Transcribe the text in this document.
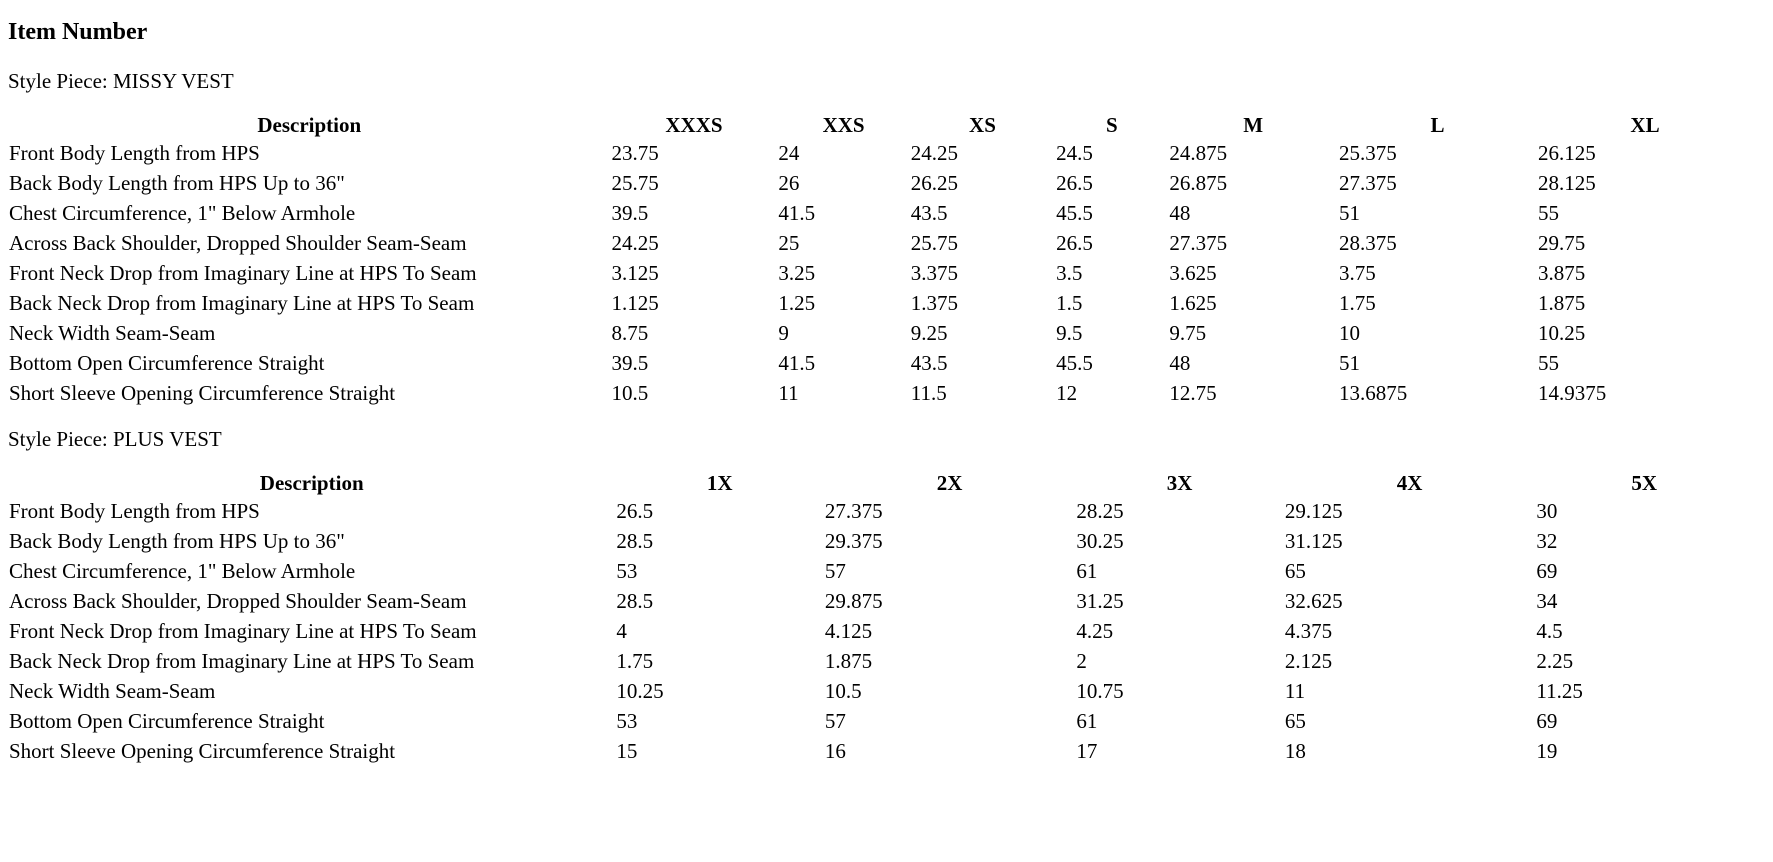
Item Number
Style Piece: MISSY VEST
Description	XXXS	XXS	XS	S	M	L	XL
Front Body Length from HPS	23.75	24	24.25	24.5	24.875	25.375	26.125
Back Body Length from HPS Up to 36"	25.75	26	26.25	26.5	26.875	27.375	28.125
Chest Circumference, 1" Below Armhole	39.5	41.5	43.5	45.5	48	51	55
Across Back Shoulder, Dropped Shoulder Seam-Seam	24.25	25	25.75	26.5	27.375	28.375	29.75
Front Neck Drop from Imaginary Line at HPS To Seam	3.125	3.25	3.375	3.5	3.625	3.75	3.875
Back Neck Drop from Imaginary Line at HPS To Seam	1.125	1.25	1.375	1.5	1.625	1.75	1.875
Neck Width Seam-Seam	8.75	9	9.25	9.5	9.75	10	10.25
Bottom Open Circumference Straight	39.5	41.5	43.5	45.5	48	51	55
Short Sleeve Opening Circumference Straight	10.5	11	11.5	12	12.75	13.6875	14.9375
Style Piece: PLUS VEST
Description	1X	2X	3X	4X	5X
Front Body Length from HPS	26.5	27.375	28.25	29.125	30
Back Body Length from HPS Up to 36"	28.5	29.375	30.25	31.125	32
Chest Circumference, 1" Below Armhole	53	57	61	65	69
Across Back Shoulder, Dropped Shoulder Seam-Seam	28.5	29.875	31.25	32.625	34
Front Neck Drop from Imaginary Line at HPS To Seam	4	4.125	4.25	4.375	4.5
Back Neck Drop from Imaginary Line at HPS To Seam	1.75	1.875	2	2.125	2.25
Neck Width Seam-Seam	10.25	10.5	10.75	11	11.25
Bottom Open Circumference Straight	53	57	61	65	69
Short Sleeve Opening Circumference Straight	15	16	17	18	19
